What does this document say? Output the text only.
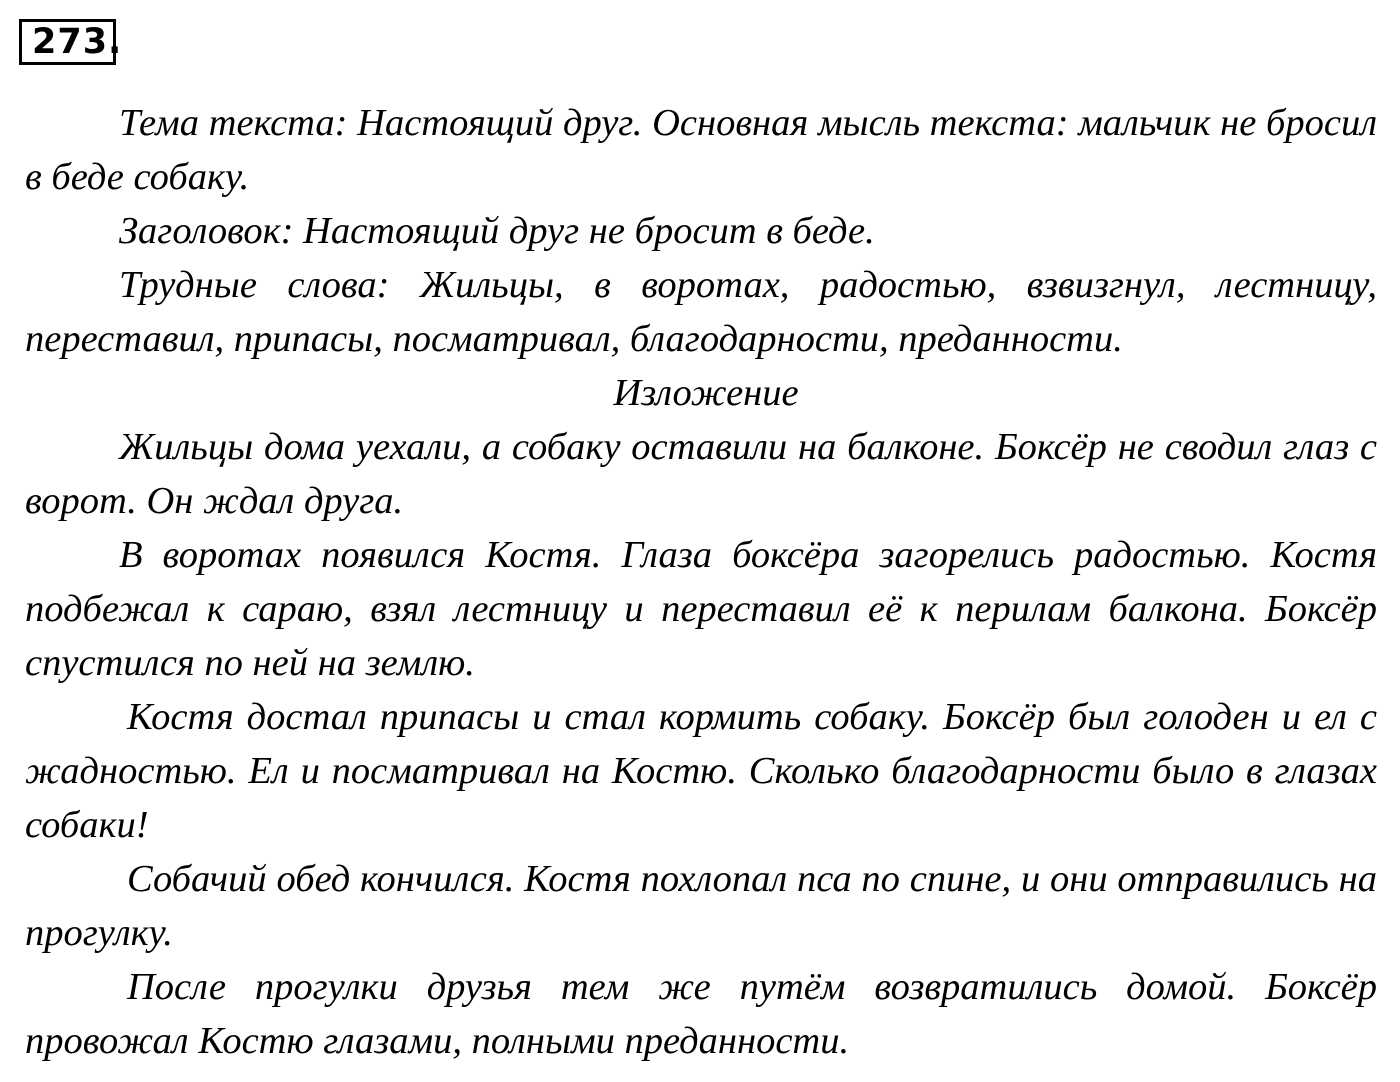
273.

Тема текста: Настоящий друг. Основная мысль текста: мальчик не бросил в беде собаку.

Заголовок: Настоящий друг не бросит в беде.

Трудные слова: Жильцы, в воротах, радостью, взвизгнул, лестницу, переставил, припасы, посматривал, благодарности, преданности.

Изложение

Жильцы дома уехали, а собаку оставили на балконе. Боксёр не сводил глаз с ворот. Он ждал друга.

В воротах появился Костя. Глаза боксёра загорелись радостью. Костя подбежал к сараю, взял лестницу и переставил её к перилам балкона. Боксёр спустился по ней на землю.

Костя достал припасы и стал кормить собаку. Боксёр был голоден и ел с жадностью. Ел и посматривал на Костю. Сколько благодарности было в глазах собаки!

Собачий обед кончился. Костя похлопал пса по спине, и они отправились на прогулку.

После прогулки друзья тем же путём возвратились домой. Боксёр провожал Костю глазами, полными преданности.
